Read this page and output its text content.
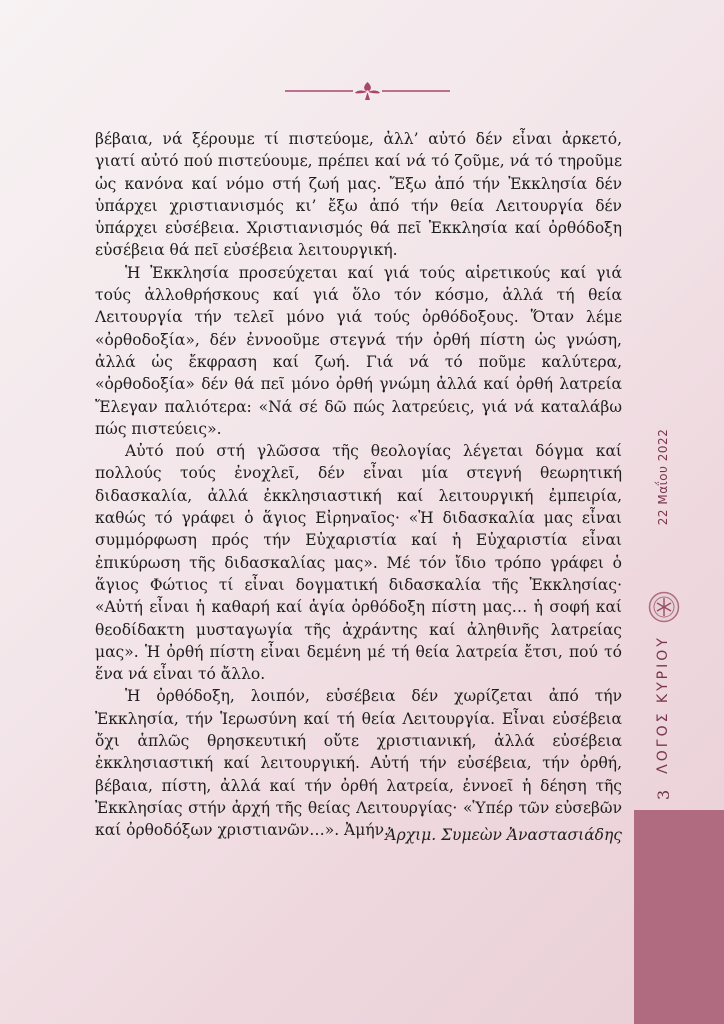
βέβαια, νά ξέρουμε τί πιστεύομε, ἀλλ’ αὐτό δέν εἶναι ἀρκετό, γιατί αὐτό πού πιστεύουμε, πρέπει καί νά τό ζοῦμε, νά τό τηροῦμε ὡς κανόνα καί νόμο στή ζωή μας. Ἔξω ἀπό τήν Ἐκκλησία δέν ὑπάρχει χριστιανισμός κι’ ἔξω ἀπό τήν θεία Λειτουργία δέν ὑπάρχει εὐσέβεια. Χριστιανισμός θά πεῖ Ἐκκλησία καί ὀρθόδοξη εὐσέβεια θά πεῖ εὐσέβεια λειτουργική.

Ἡ Ἐκκλησία προσεύχεται καί γιά τούς αἱρετικούς καί γιά τούς ἀλλοθρήσκους καί γιά ὅλο τόν κόσμο, ἀλλά τή θεία Λειτουργία τήν τελεῖ μόνο γιά τούς ὀρθόδοξους. Ὅταν λέμε «ὀρθοδοξία», δέν ἐννοοῦμε στεγνά τήν ὀρθή πίστη ὡς γνώση, ἀλλά ὡς ἔκφραση καί ζωή. Γιά νά τό ποῦμε καλύτερα, «ὀρθοδοξία» δέν θά πεῖ μόνο ὀρθή γνώμη ἀλλά καί ὀρθή λατρεία Ἔλεγαν παλιότερα: «Νά σέ δῶ πώς λατρεύεις, γιά νά καταλάβω πώς πιστεύεις».

Αὐτό πού στή γλῶσσα τῆς θεολογίας λέγεται δόγμα καί πολλούς τούς ἐνοχλεῖ, δέν εἶναι μία στεγνή θεωρητική διδασκαλία, ἀλλά ἐκκλησιαστική καί λειτουργική ἐμπειρία, καθώς τό γράφει ὁ ἅγιος Εἰρηναῖος· «Ἡ διδασκαλία μας εἶναι συμμόρφωση πρός τήν Εὐχαριστία καί ἡ Εὐχαριστία εἶναι ἐπικύρωση τῆς διδασκαλίας μας». Μέ τόν ἴδιο τρόπο γράφει ὁ ἅγιος Φώτιος τί εἶναι δογματική διδασκαλία τῆς Ἐκκλησίας· «Αὐτή εἶναι ἡ καθαρή καί ἁγία ὀρθόδοξη πίστη μας… ἡ σοφή καί θεοδίδακτη μυσταγωγία τῆς ἀχράντης καί ἀληθινῆς λατρείας μας». Ἡ ὀρθή πίστη εἶναι δεμένη μέ τή θεία λατρεία ἔτσι, πού τό ἕνα νά εἶναι τό ἄλλο.

Ἡ ὀρθόδοξη, λοιπόν, εὐσέβεια δέν χωρίζεται ἀπό τήν Ἐκκλησία, τήν Ἱερωσύνη καί τή θεία Λειτουργία. Εἶναι εὐσέβεια ὄχι ἁπλῶς θρησκευτική οὔτε χριστιανική, ἀλλά εὐσέβεια ἐκκλησιαστική καί λειτουργική. Αὐτή τήν εὐσέβεια, τήν ὀρθή, βέβαια, πίστη, ἀλλά καί τήν ὀρθή λατρεία, ἐννοεῖ ἡ δέηση τῆς Ἐκκλησίας στήν ἀρχή τῆς θείας Λειτουργίας· «Ὑπέρ τῶν εὐσεβῶν καί ὀρθοδόξων χριστιανῶν…». Ἀμήν.

Ἀρχιμ. Συμεὼν Ἀναστασιάδης
3
ΛΟΓΟΣ ΚΥΡΙΟΥ
22 Μαΐου 2022
